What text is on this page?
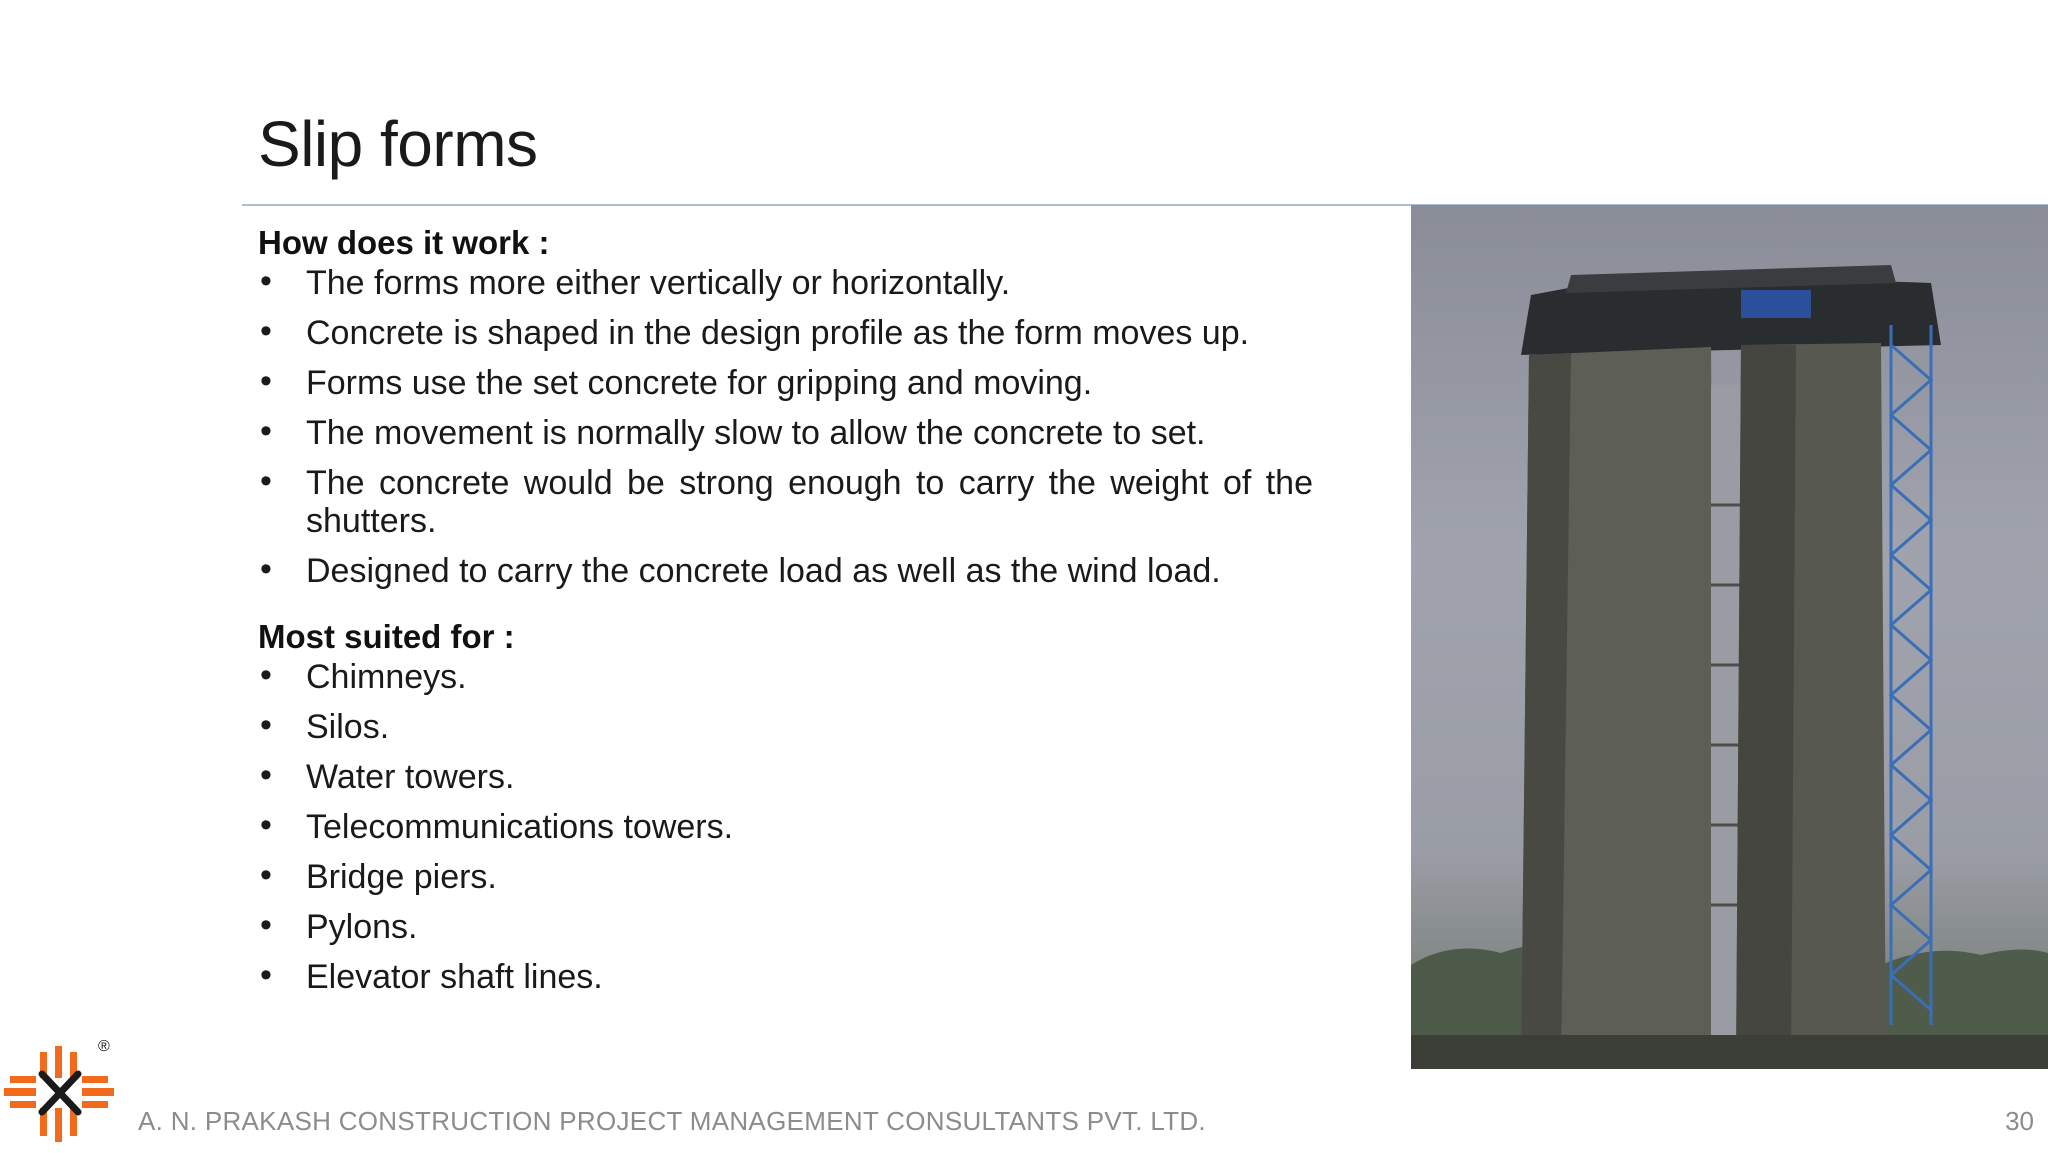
Slip forms
How does it work :
• The forms more either vertically or horizontally.
• Concrete is shaped in the design profile as the form moves up.
• Forms use the set concrete for gripping and moving.
• The movement is normally slow to allow the concrete to set.
• The concrete would be strong enough to carry the weight of the shutters.
• Designed to carry the concrete load as well as the wind load.
Most suited for :
• Chimneys.
• Silos.
• Water towers.
• Telecommunications towers.
• Bridge piers.
• Pylons.
• Elevator shaft lines.
®
A. N. PRAKASH CONSTRUCTION PROJECT MANAGEMENT CONSULTANTS PVT. LTD.	30
